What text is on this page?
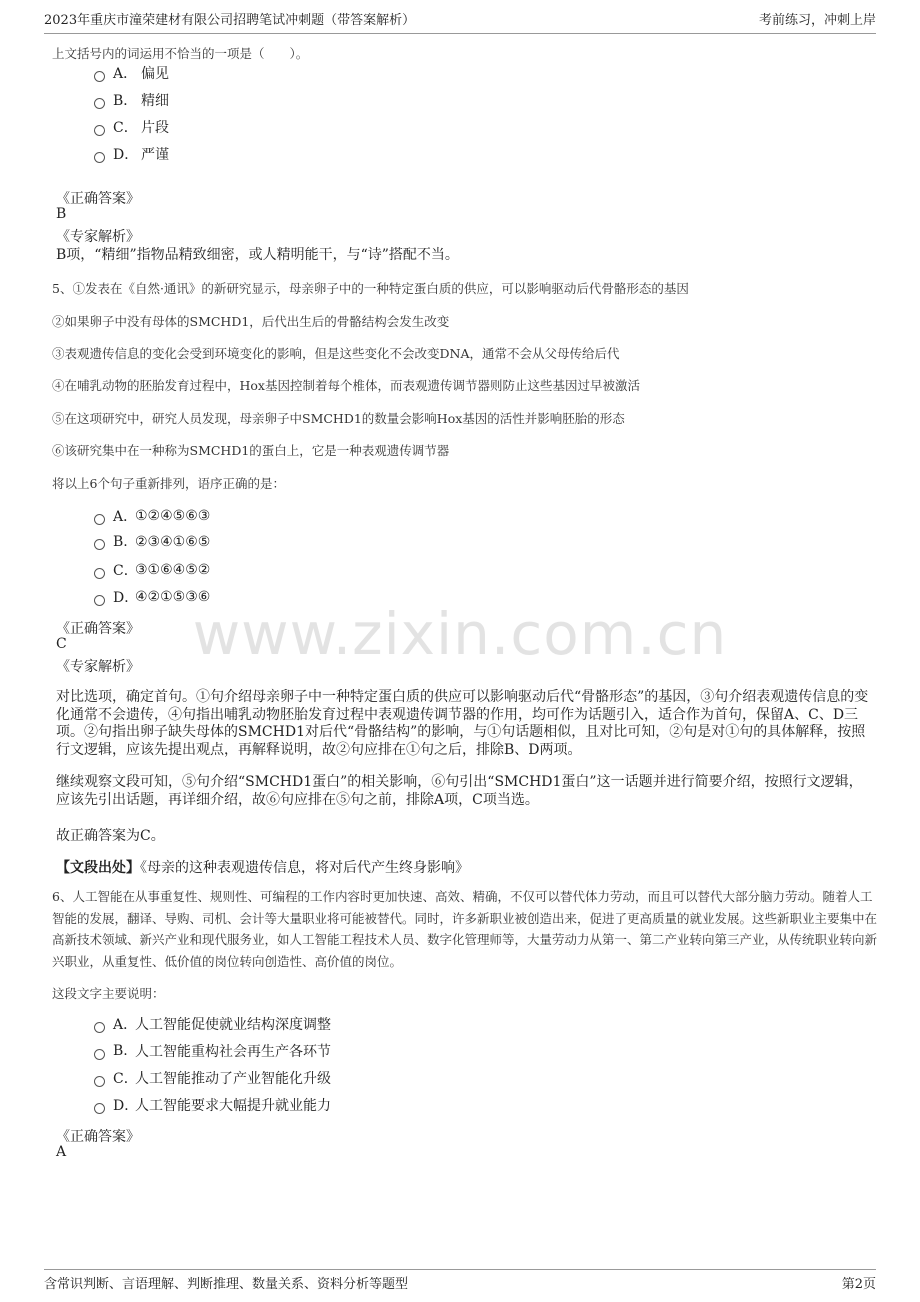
2023年重庆市潼荣建材有限公司招聘笔试冲刺题（带答案解析）	考前练习，冲刺上岸
www.zixin.com.cn
上文括号内的词运用不恰当的一项是（　　）。
A． 偏见
B． 精细
C． 片段
D． 严谨
《正确答案》
B
《专家解析》
B项，“精细”指物品精致细密，或人精明能干，与“诗”搭配不当。
5、①发表在《自然·通讯》的新研究显示，母亲卵子中的一种特定蛋白质的供应，可以影响驱动后代骨骼形态的基因
②如果卵子中没有母体的SMCHD1，后代出生后的骨骼结构会发生改变
③表观遗传信息的变化会受到环境变化的影响，但是这些变化不会改变DNA，通常不会从父母传给后代
④在哺乳动物的胚胎发育过程中，Hox基因控制着每个椎体，而表观遗传调节器则防止这些基因过早被激活
⑤在这项研究中，研究人员发现，母亲卵子中SMCHD1的数量会影响Hox基因的活性并影响胚胎的形态
⑥该研究集中在一种称为SMCHD1的蛋白上，它是一种表观遗传调节器
将以上6个句子重新排列，语序正确的是：
A．
①②④⑤⑥③
B. ②③④①⑥⑤
C．
③①⑥④⑤②
D．
④②①⑤③⑥
《正确答案》
C
《专家解析》
对比选项，确定首句。①句介绍母亲卵子中一种特定蛋白质的供应可以影响驱动后代“骨骼形态”的基因，③句介绍表观遗传信息的变化通常不会遗传，④句指出哺乳动物胚胎发育过程中表观遗传调节器的作用，均可作为话题引入，适合作为首句，保留A、C、D三项。②句指出卵子缺失母体的SMCHD1对后代“骨骼结构”的影响，与①句话题相似，且对比可知，②句是对①句的具体解释，按照行文逻辑，应该先提出观点，再解释说明，故②句应排在①句之后，排除B、D两项。
继续观察文段可知，⑤句介绍“SMCHD1蛋白”的相关影响，⑥句引出“SMCHD1蛋白”这一话题并进行简要介绍，按照行文逻辑，应该先引出话题，再详细介绍，故⑥句应排在⑤句之前，排除A项，C项当选。
故正确答案为C。
【文段出处】《母亲的这种表观遗传信息，将对后代产生终身影响》
6、人工智能在从事重复性、规则性、可编程的工作内容时更加快速、高效、精确，不仅可以替代体力劳动，而且可以替代大部分脑力劳动。随着人工智能的发展，翻译、导购、司机、会计等大量职业将可能被替代。同时，许多新职业被创造出来，促进了更高质量的就业发展。这些新职业主要集中在高新技术领域、新兴产业和现代服务业，如人工智能工程技术人员、数字化管理师等，大量劳动力从第一、第二产业转向第三产业，从传统职业转向新兴职业，从重复性、低价值的岗位转向创造性、高价值的岗位。
这段文字主要说明：
A．
人工智能促使就业结构深度调整
B. 人工智能重构社会再生产各环节
C．
人工智能推动了产业智能化升级
D．
人工智能要求大幅提升就业能力
《正确答案》
A
含常识判断、言语理解、判断推理、数量关系、资料分析等题型	第2页
